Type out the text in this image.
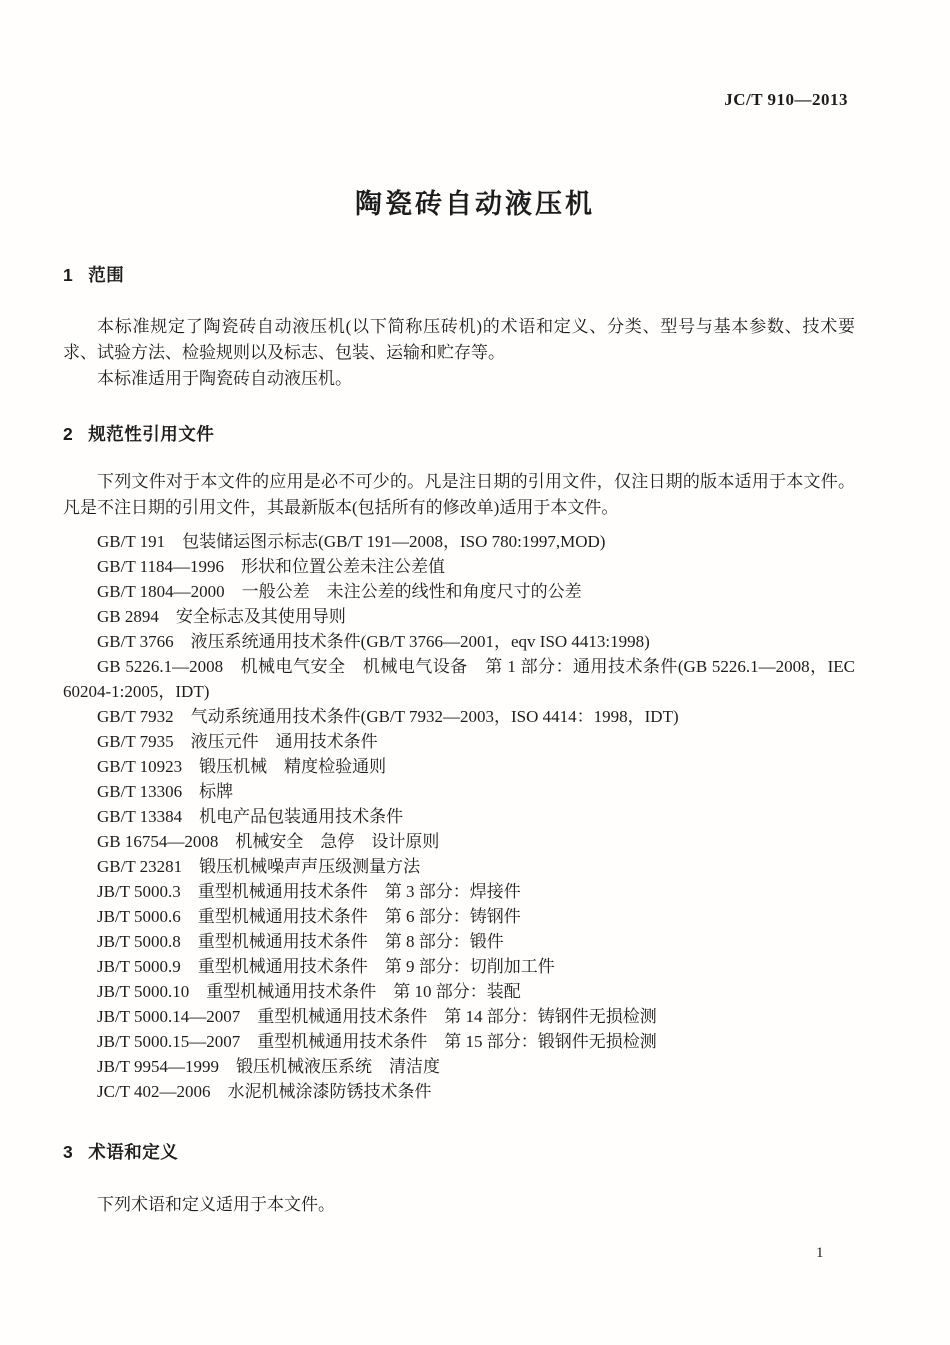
JC/T 910—2013
陶瓷砖自动液压机
1 范围

本标准规定了陶瓷砖自动液压机(以下简称压砖机)的术语和定义、分类、型号与基本参数、技术要求、试验方法、检验规则以及标志、包装、运输和贮存等。

本标准适用于陶瓷砖自动液压机。

2 规范性引用文件

下列文件对于本文件的应用是必不可少的。凡是注日期的引用文件，仅注日期的版本适用于本文件。凡是不注日期的引用文件，其最新版本(包括所有的修改单)适用于本文件。

GB/T 191 包装储运图示标志(GB/T 191—2008，ISO 780:1997,MOD)

GB/T 1184—1996 形状和位置公差未注公差值

GB/T 1804—2000 一般公差　未注公差的线性和角度尺寸的公差

GB 2894 安全标志及其使用导则

GB/T 3766 液压系统通用技术条件(GB/T 3766—2001，eqv ISO 4413:1998)

GB 5226.1—2008 机械电气安全　机械电气设备　第 1 部分：通用技术条件(GB 5226.1—2008，IEC 60204-1:2005，IDT)

GB/T 7932 气动系统通用技术条件(GB/T 7932—2003，ISO 4414：1998，IDT)

GB/T 7935 液压元件　通用技术条件

GB/T 10923 锻压机械　精度检验通则

GB/T 13306 标牌

GB/T 13384 机电产品包装通用技术条件

GB 16754—2008 机械安全　急停　设计原则

GB/T 23281 锻压机械噪声声压级测量方法

JB/T 5000.3 重型机械通用技术条件　第 3 部分：焊接件

JB/T 5000.6 重型机械通用技术条件　第 6 部分：铸钢件

JB/T 5000.8 重型机械通用技术条件　第 8 部分：锻件

JB/T 5000.9 重型机械通用技术条件　第 9 部分：切削加工件

JB/T 5000.10 重型机械通用技术条件　第 10 部分：装配

JB/T 5000.14—2007 重型机械通用技术条件　第 14 部分：铸钢件无损检测

JB/T 5000.15—2007 重型机械通用技术条件　第 15 部分：锻钢件无损检测

JB/T 9954—1999 锻压机械液压系统　清洁度

JC/T 402—2006 水泥机械涂漆防锈技术条件

3 术语和定义

下列术语和定义适用于本文件。

1
